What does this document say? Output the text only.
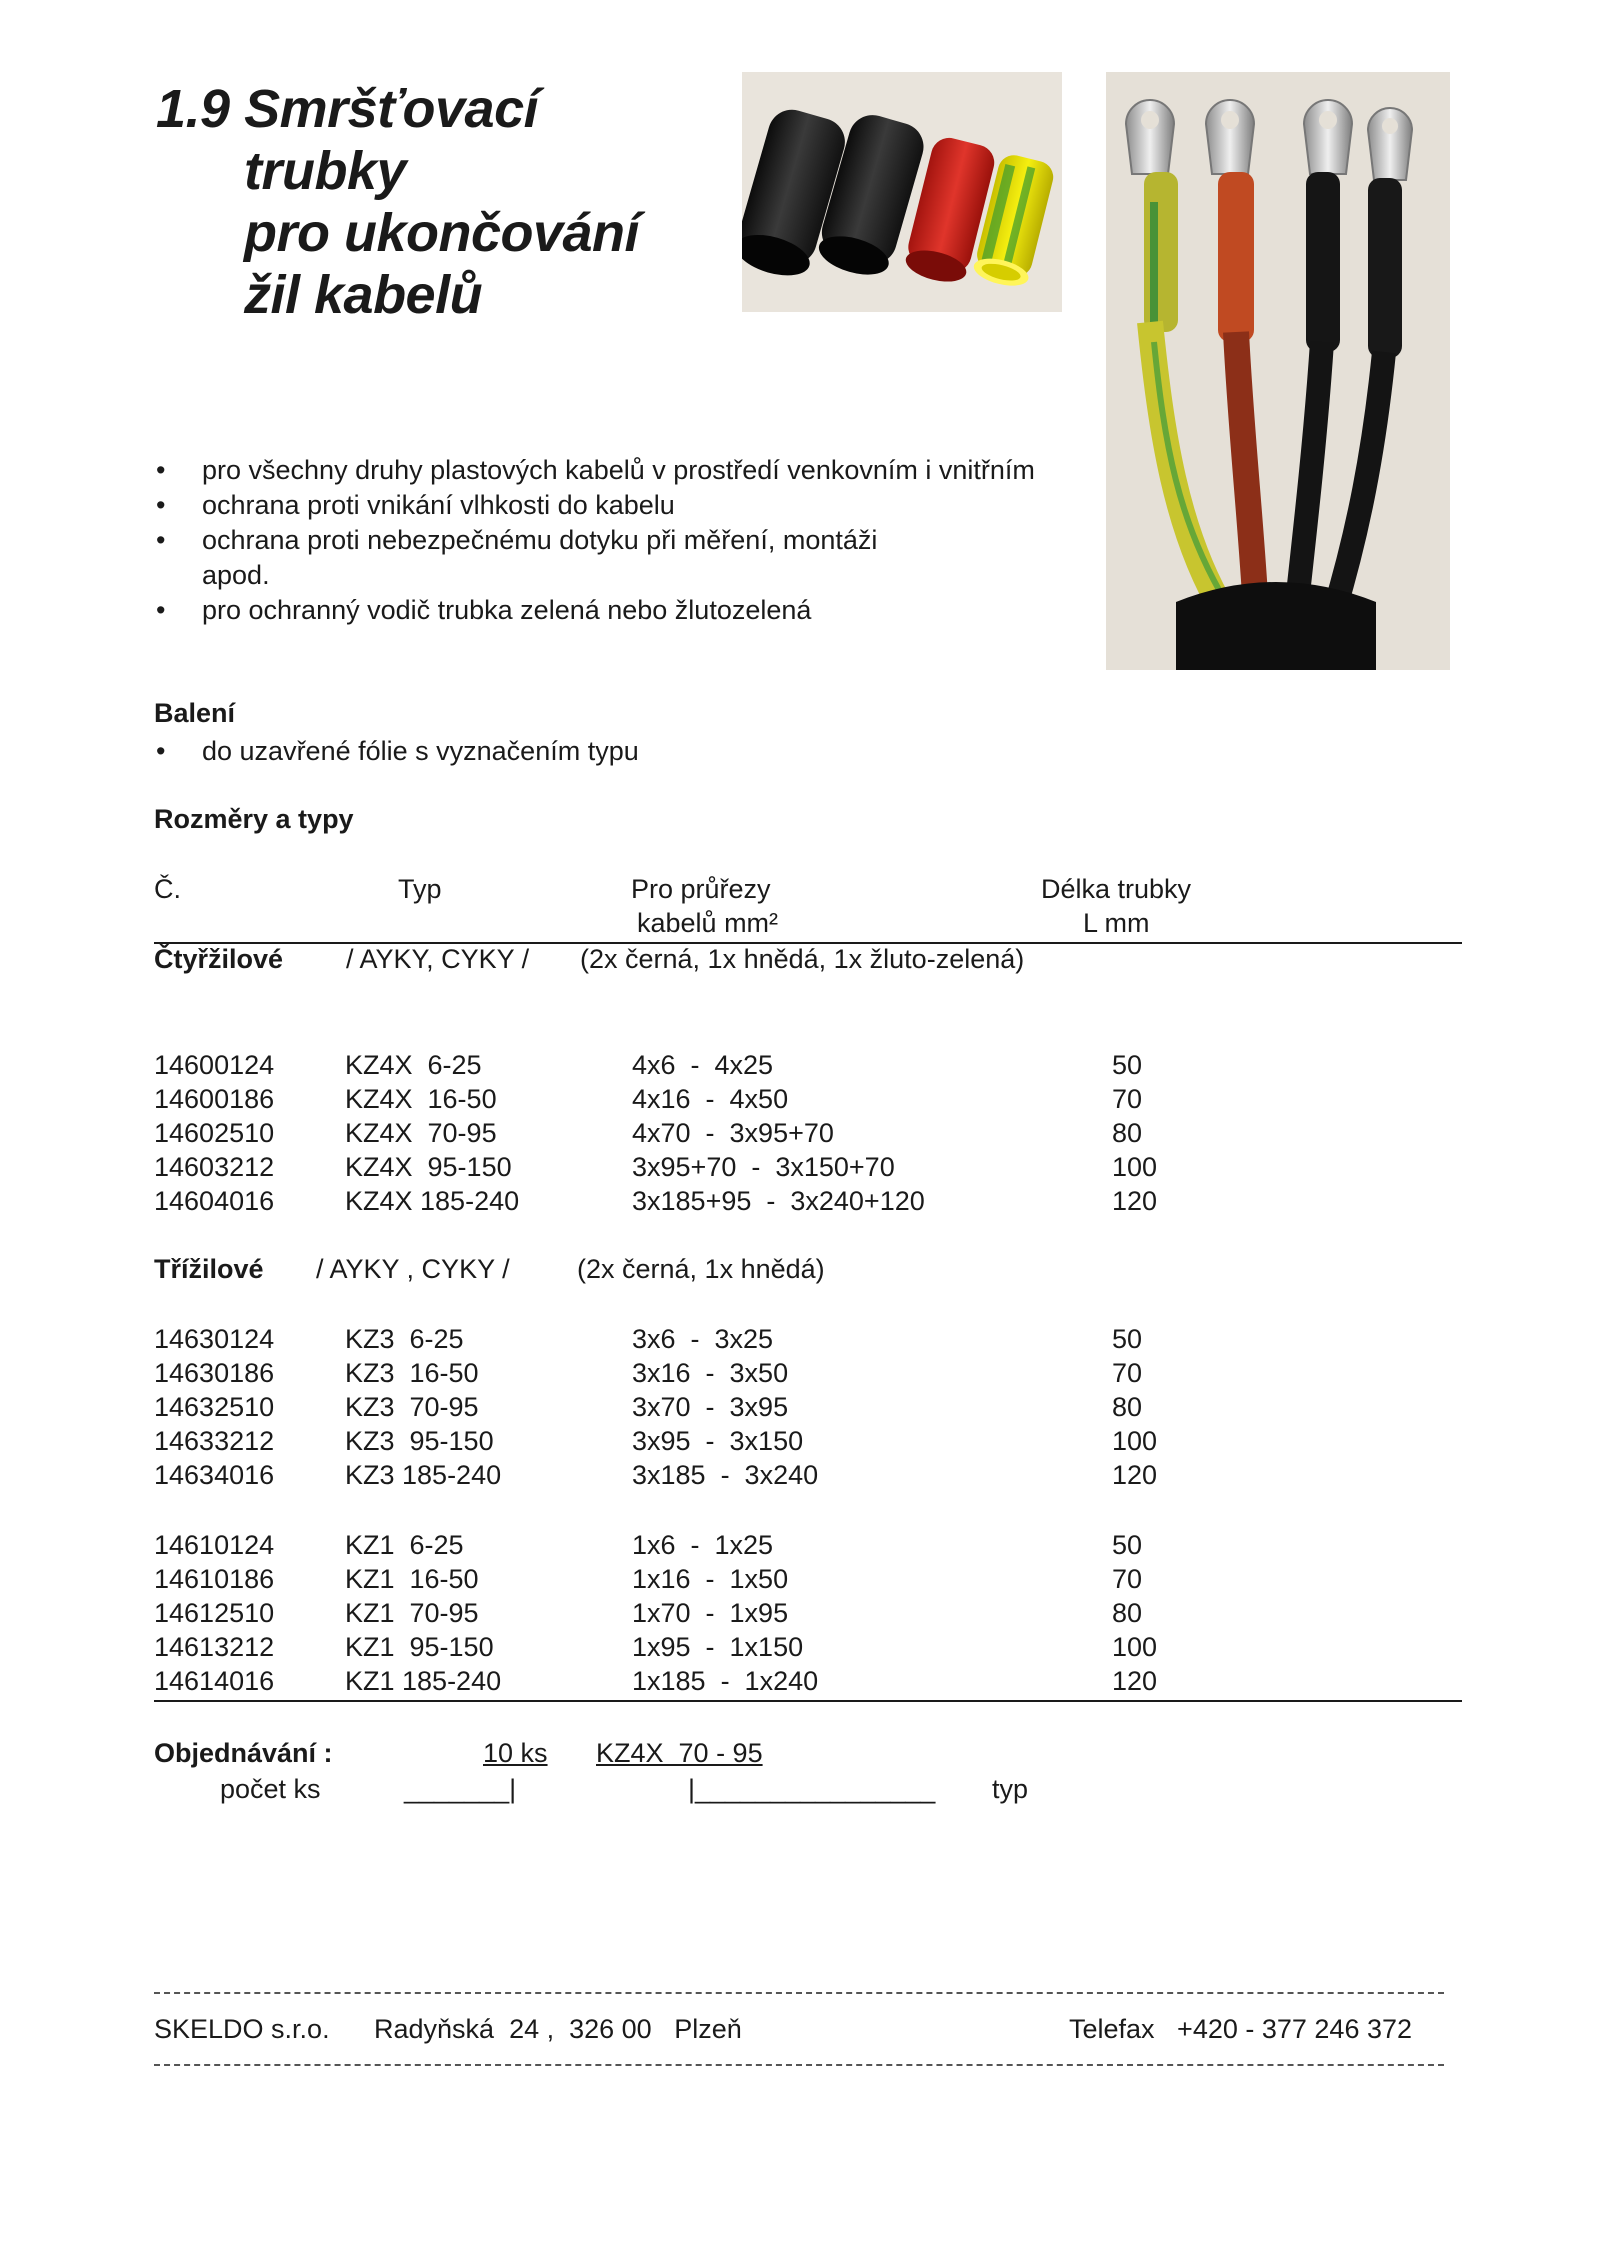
1.9 Smršťovací
trubky
pro ukončování
žil kabelů
• pro všechny druhy plastových kabelů v prostředí venkovním i vnitřním
• ochrana proti vnikání vlhkosti do kabelu
• ochrana proti nebezpečnému dotyku při měření, montáži apod.
• pro ochranný vodič trubka zelená nebo žlutozelená
Balení
• do uzavřené fólie s vyznačením typu
Rozměry a typy
Č.	Typ	Pro průřezy
kabelů mm²
Délka trubky
L mm
Čtyřžilové / AYKY, CYKY / (2x černá, 1x hnědá, 1x žluto-zelená)
14600124	KZ4X  6-25	4x6  -  4x25	50
14600186	KZ4X  16-50	4x16  -  4x50	70
14602510	KZ4X  70-95	4x70  -  3x95+70	80
14603212	KZ4X  95-150	3x95+70  -  3x150+70	100
14604016	KZ4X 185-240	3x185+95  -  3x240+120	120
Třížilové / AYKY , CYKY / (2x černá, 1x hnědá)
14630124	KZ3  6-25	3x6  -  3x25	50
14630186	KZ3  16-50	3x16  -  3x50	70
14632510	KZ3  70-95	3x70  -  3x95	80
14633212	KZ3  95-150	3x95  -  3x150	100
14634016	KZ3 185-240	3x185  -  3x240	120
14610124	KZ1  6-25	1x6  -  1x25	50
14610186	KZ1  16-50	1x16  -  1x50	70
14612510	KZ1  70-95	1x70  -  1x95	80
14613212	KZ1  95-150	1x95  -  1x150	100
14614016	KZ1 185-240	1x185  -  1x240	120
Objednávání :	10 ks KZ4X  70 - 95
počet ks	_______|	|________________ typ
SKELDO s.r.o. Radyňská  24 ,  326 00   Plzeň	Telefax   +420 - 377 246 372
